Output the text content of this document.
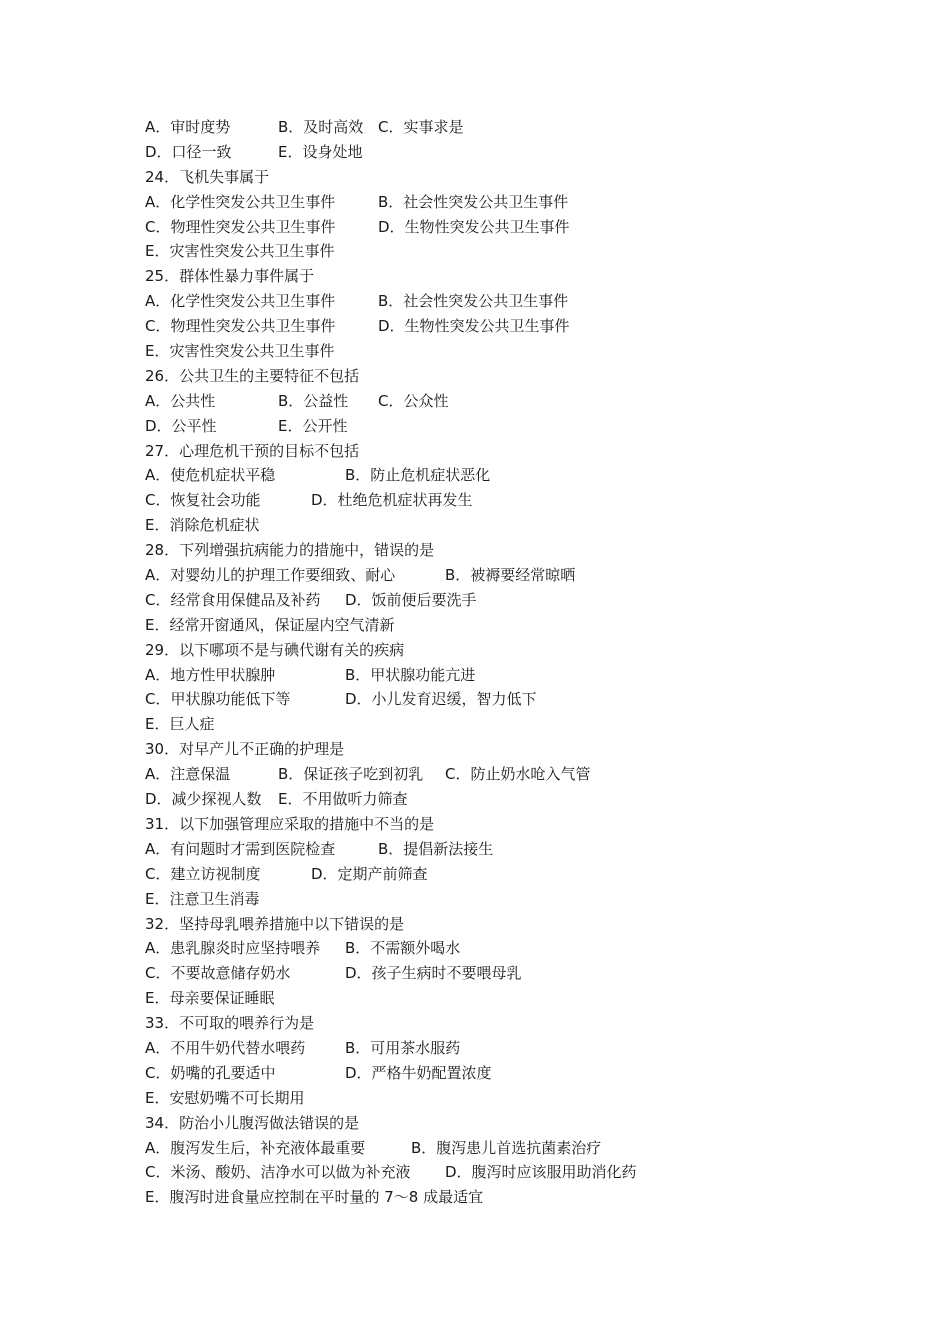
A．审时度势	B．及时高效 C．实事求是
D．口径一致	E．设身处地
24．飞机失事属于
A．化学性突发公共卫生事件	B．社会性突发公共卫生事件
C．物理性突发公共卫生事件	D．生物性突发公共卫生事件
E．灾害性突发公共卫生事件
25．群体性暴力事件属于
A．化学性突发公共卫生事件	B．社会性突发公共卫生事件
C．物理性突发公共卫生事件	D．生物性突发公共卫生事件
E．灾害性突发公共卫生事件
26．公共卫生的主要特征不包括
A．公共性	B．公益性 C．公众性
D．公平性	E．公开性
27．心理危机干预的目标不包括
A．使危机症状平稳	B．防止危机症状恶化
C．恢复社会功能	D．杜绝危机症状再发生
E．消除危机症状
28．下列增强抗病能力的措施中，错误的是
A．对婴幼儿的护理工作要细致、耐心	B．被褥要经常晾晒
C．经常食用保健品及补药 D．饭前便后要洗手
E．经常开窗通风，保证屋内空气清新
29．以下哪项不是与碘代谢有关的疾病
A．地方性甲状腺肿	B．甲状腺功能亢进
C．甲状腺功能低下等	D．小儿发育迟缓，智力低下
E．巨人症
30．对早产儿不正确的护理是
A．注意保温	B．保证孩子吃到初乳 C．防止奶水呛入气管
D．减少探视人数 E．不用做听力筛查
31．以下加强管理应采取的措施中不当的是
A．有问题时才需到医院检查	B．提倡新法接生
C．建立访视制度	D．定期产前筛查
E．注意卫生消毒
32．坚持母乳喂养措施中以下错误的是
A．患乳腺炎时应坚持喂养 B．不需额外喝水
C．不要故意储存奶水	D．孩子生病时不要喂母乳
E．母亲要保证睡眠
33．不可取的喂养行为是
A．不用牛奶代替水喂药	B．可用茶水服药
C．奶嘴的孔要适中	D．严格牛奶配置浓度
E．安慰奶嘴不可长期用
34．防治小儿腹泻做法错误的是
A．腹泻发生后，补充液体最重要	B．腹泻患儿首选抗菌素治疗
C．米汤、酸奶、洁净水可以做为补充液 D．腹泻时应该服用助消化药
E．腹泻时进食量应控制在平时量的 7～8 成最适宜
